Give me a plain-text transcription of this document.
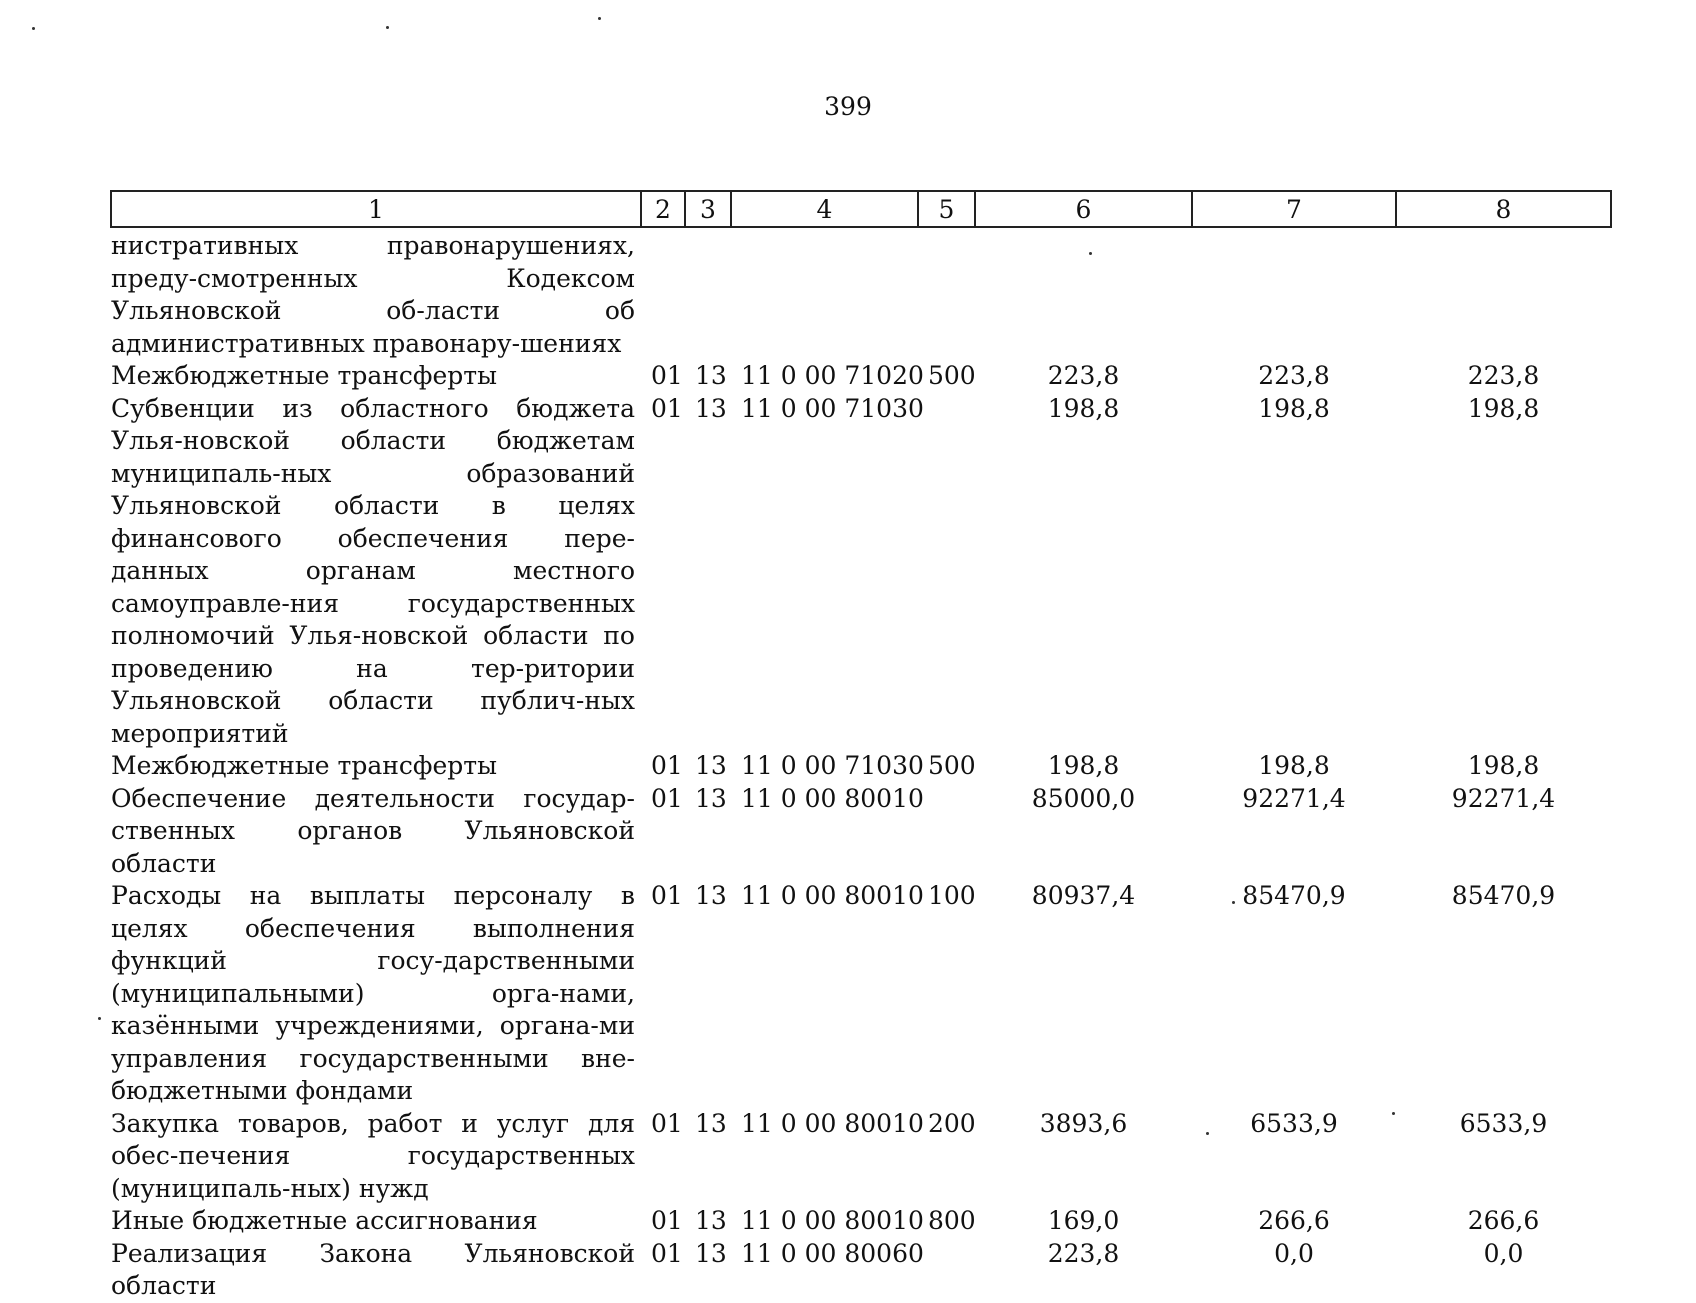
399
1	2	3	4	5	6	7	8
нистративных правонарушениях, преду-смотренных Кодексом Ульяновской об-ласти об административных правонару-шениях							
Межбюджетные трансферты	01	13	11 0 00 71020	500	223,8	223,8	223,8
Субвенции из областного бюджета Улья-новской области бюджетам муниципаль-ных образований Ульяновской области в целях финансового обеспечения пере-данных органам местного самоуправле-ния государственных полномочий Улья-новской области по проведению на тер-ритории Ульяновской области публич-ных мероприятий	01	13	11 0 00 71030		198,8	198,8	198,8
Межбюджетные трансферты	01	13	11 0 00 71030	500	198,8	198,8	198,8
Обеспечение деятельности государ-ственных органов Ульяновской области	01	13	11 0 00 80010		85000,0	92271,4	92271,4
Расходы на выплаты персоналу в целях обеспечения выполнения функций госу-дарственными (муниципальными) орга-нами, казёнными учреждениями, органа-ми управления государственными вне-бюджетными фондами	01	13	11 0 00 80010	100	80937,4	85470,9	85470,9
Закупка товаров, работ и услуг для обес-печения государственных (муниципаль-ных) нужд	01	13	11 0 00 80010	200	3893,6	6533,9	6533,9
Иные бюджетные ассигнования	01	13	11 0 00 80010	800	169,0	266,6	266,6
Реализация Закона Ульяновской области	01	13	11 0 00 80060		223,8	0,0	0,0
